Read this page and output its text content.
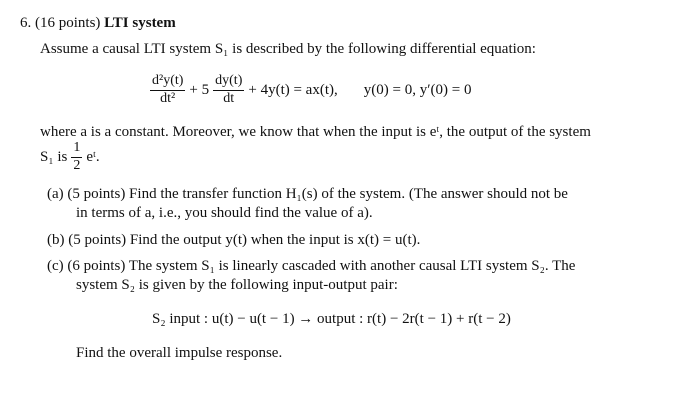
6. (16 points) LTI system
Assume a causal LTI system S₁ is described by the following differential equation:
$\frac{\text{d²y(t)}}{\text{dt²}} + 5 \frac{dy(t)}{dt} + 4y(t) = ax(t)$, y(0) = 0, y′(0) = 0
where a is a constant. Moreover, we know that when the input is eᵗ, the output of the system
S₁ is $\frac{1}{2}$ eᵗ.
(a) (5 points) Find the transfer function H₁(s) of the system. (The answer should not be
in terms of a, i.e., you should find the value of a).
(b) (5 points) Find the output y(t) when the input is x(t) = u(t).
(c) (6 points) The system S₁ is linearly cascaded with another causal LTI system S₂. The
system S₂ is given by the following input-output pair:
S₂ input : u(t) − u(t − 1) → output : r(t) − 2r(t − 1) + r(t − 2)
Find the overall impulse response.
